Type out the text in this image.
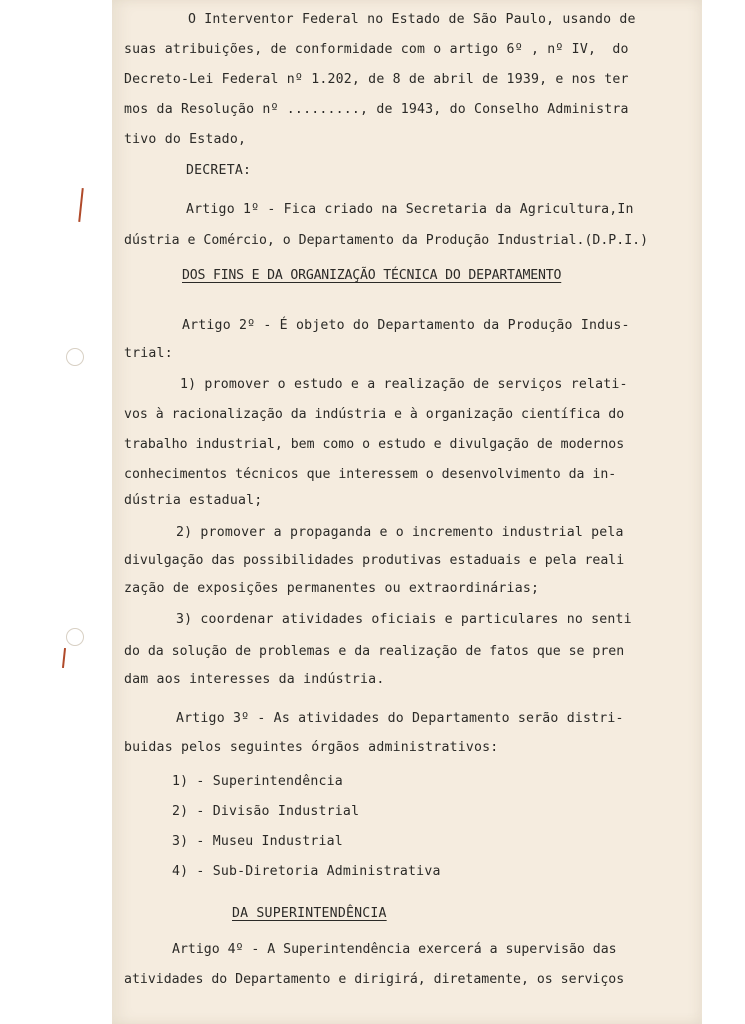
O Interventor Federal no Estado de São Paulo, usando de
suas atribuições, de conformidade com o artigo 6º , nº IV,  do
Decreto-Lei Federal nº 1.202, de 8 de abril de 1939, e nos ter
mos da Resolução nº ........., de 1943, do Conselho Administra
tivo do Estado,
DECRETA:
Artigo 1º - Fica criado na Secretaria da Agricultura,In
dústria e Comércio, o Departamento da Produção Industrial.(D.P.I.)
DOS FINS E DA ORGANIZAÇÃO TÉCNICA DO DEPARTAMENTO
Artigo 2º - É objeto do Departamento da Produção Indus-
trial:
1) promover o estudo e a realização de serviços relati-
vos à racionalização da indústria e à organização científica do
trabalho industrial, bem como o estudo e divulgação de modernos
conhecimentos técnicos que interessem o desenvolvimento da in-
dústria estadual;
2) promover a propaganda e o incremento industrial pela
divulgação das possibilidades produtivas estaduais e pela reali
zação de exposições permanentes ou extraordinárias;
3) coordenar atividades oficiais e particulares no senti
do da solução de problemas e da realização de fatos que se pren
dam aos interesses da indústria.
Artigo 3º - As atividades do Departamento serão distri-
buidas pelos seguintes órgãos administrativos:
1) - Superintendência
2) - Divisão Industrial
3) - Museu Industrial
4) - Sub-Diretoria Administrativa
DA SUPERINTENDÊNCIA
Artigo 4º - A Superintendência exercerá a supervisão das
atividades do Departamento e dirigirá, diretamente, os serviços
